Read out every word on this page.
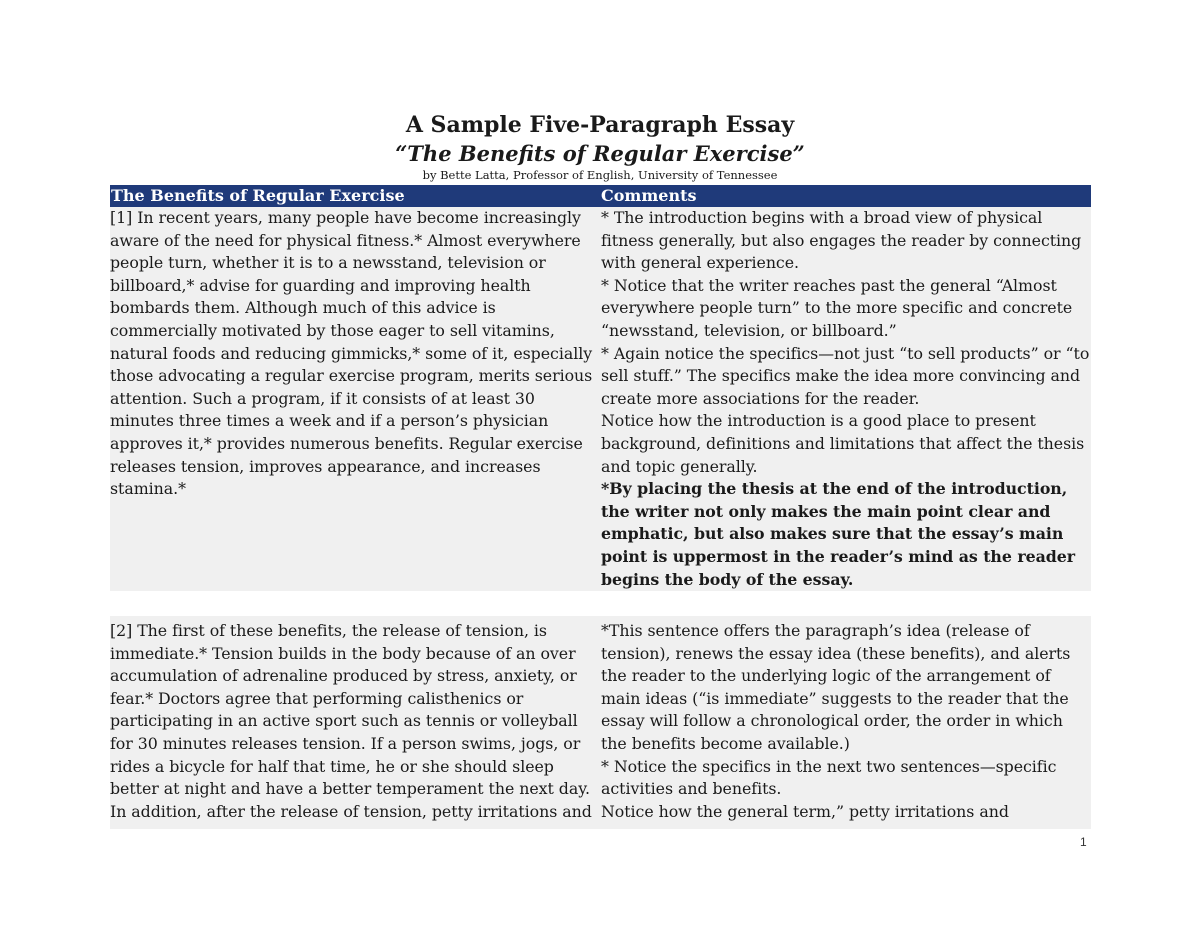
A Sample Five-Paragraph Essay
“The Benefits of Regular Exercise”
by Bette Latta, Professor of English, University of Tennessee
The Benefits of Regular Exercise	Comments

[1] In recent years, many people have become increasingly aware of the need for physical fitness.* Almost everywhere people turn, whether it is to a newsstand, television or billboard,* advise for guarding and improving health bombards them. Although much of this advice is commercially motivated by those eager to sell vitamins, natural foods and reducing gimmicks,* some of it, especially those advocating a regular exercise program, merits serious attention. Such a program, if it consists of at least 30 minutes three times a week and if a person’s physician approves it,* provides numerous benefits. Regular exercise releases tension, improves appearance, and increases stamina.*

* The introduction begins with a broad view of physical fitness generally, but also engages the reader by connecting with general experience.

* Notice that the writer reaches past the general “Almost everywhere people turn” to the more specific and concrete “newsstand, television, or billboard.”

* Again notice the specifics—not just “to sell products” or “to sell stuff.” The specifics make the idea more convincing and create more associations for the reader.

Notice how the introduction is a good place to present background, definitions and limitations that affect the thesis and topic generally.

*By placing the thesis at the end of the introduction, the writer not only makes the main point clear and emphatic, but also makes sure that the essay’s main point is uppermost in the reader’s mind as the reader begins the body of the essay.

[2] The first of these benefits, the release of tension, is immediate.* Tension builds in the body because of an over accumulation of adrenaline produced by stress, anxiety, or fear.* Doctors agree that performing calisthenics or participating in an active sport such as tennis or volleyball for 30 minutes releases tension. If a person swims, jogs, or rides a bicycle for half that time, he or she should sleep better at night and have a better temperament the next day. In addition, after the release of tension, petty irritations and

*This sentence offers the paragraph’s idea (release of tension), renews the essay idea (these benefits), and alerts the reader to the underlying logic of the arrangement of main ideas (“is immediate” suggests to the reader that the essay will follow a chronological order, the order in which the benefits become available.)

* Notice the specifics in the next two sentences—specific activities and benefits.

Notice how the general term,” petty irritations and

1
